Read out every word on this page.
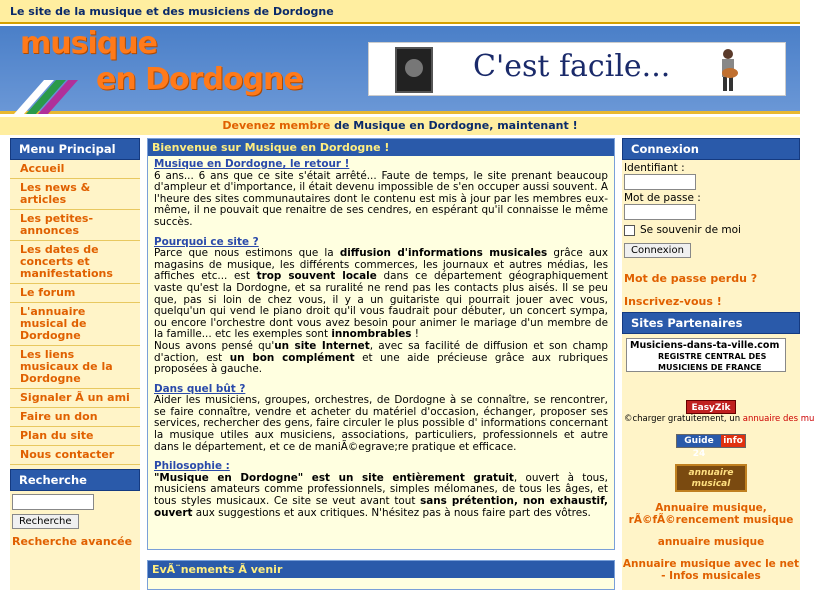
Le site de la musique et des musiciens de Dordogne
musique
en Dordogne	C'est facile...
Devenez membre de Musique en Dordogne, maintenant !
Menu Principal
Accueil
Les news & articles
Les petites-annonces
Les dates de concerts et manifestations
Le forum
L'annuaire musical de Dordogne
Les liens musicaux de la Dordogne
Signaler Ã un ami
Faire un don
Plan du site
Nous contacter
Recherche
Recherche
Recherche avancée
Bienvenue sur Musique en Dordogne !
Musique en Dordogne, le retour !

6 ans... 6 ans que ce site s'était arrêté... Faute de temps, le site prenant beaucoup d'ampleur et d'importance, il était devenu impossible de s'en occuper aussi souvent. A l'heure des sites communautaires dont le contenu est mis à jour par les membres eux-même, il ne pouvait que renaitre de ses cendres, en espérant qu'il connaisse le même succès.

Pourquoi ce site ?

Parce que nous estimons que la diffusion d'informations musicales grâce aux magasins de musique, les différents commerces, les journaux et autres médias, les affiches etc... est trop souvent locale dans ce département géographiquement vaste qu'est la Dordogne, et sa ruralité ne rend pas les contacts plus aisés. Il se peu que, pas si loin de chez vous, il y a un guitariste qui pourrait jouer avec vous, quelqu'un qui vend le piano droit qu'il vous faudrait pour débuter, un concert sympa, ou encore l'orchestre dont vous avez besoin pour animer le mariage d'un membre de la famille... etc les exemples sont innombrables !
Nous avons pensé qu'un site Internet, avec sa facilité de diffusion et son champ d'action, est un bon complément et une aide précieuse grâce aux rubriques proposées à gauche.

Dans quel bût ?

Aider les musiciens, groupes, orchestres, de Dordogne à se connaître, se rencontrer, se faire connaître, vendre et acheter du matériel d'occasion, échanger, proposer ses services, rechercher des gens, faire circuler le plus possible d' informations concernant la musique utiles aux musiciens, associations, particuliers, professionnels et autre dans le département, et ce de maniÃ©egrave;re pratique et efficace.

Philosophie :

"Musique en Dordogne" est un site entièrement gratuit, ouvert à tous, musiciens amateurs comme professionnels, simples mélomanes, de tous les âges, et tous styles musicaux. Ce site se veut avant tout sans prétention, non exhaustif, ouvert aux suggestions et aux critiques. N'hésitez pas à nous faire part des vôtres.

EvÃ¨nements Ã venir
Connexion
Identifiant :
Mot de passe :
Se souvenir de moi
Connexion
Mot de passe perdu ?
Inscrivez-vous !
Sites Partenaires
Musiciens-dans-ta-ville.com
REGISTRE CENTRAL DES
MUSICIENS DE FRANCE
EasyZik
©charger gratuitement, un annuaire des mu
Guide 24
info
annuaire
musical
Annuaire musique, rÃ©fÃ©rencement musique
annuaire musique
Annuaire musique avec le net - Infos musicales
